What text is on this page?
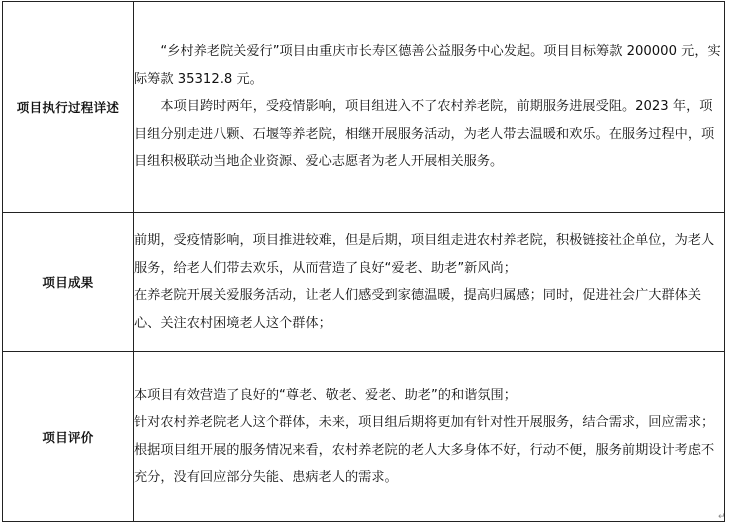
项目执行过程详述	“乡村养老院关爱行”项目由重庆市长寿区德善公益服务中心发起。项目目标筹款 200000 元，实际筹款 35312.8 元。

本项目跨时两年，受疫情影响，项目组进入不了农村养老院，前期服务进展受阻。2023 年，项目组分别走进八颗、石堰等养老院，相继开展服务活动，为老人带去温暖和欢乐。在服务过程中，项目组积极联动当地企业资源、爱心志愿者为老人开展相关服务。

项目成果	前期，受疫情影响，项目推进较难，但是后期，项目组走进农村养老院，积极链接社企单位，为老人服务，给老人们带去欢乐，从而营造了良好“爱老、助老”新风尚；

在养老院开展关爱服务活动，让老人们感受到家德温暖，提高归属感；同时，促进社会广大群体关心、关注农村困境老人这个群体；

项目评价	本项目有效营造了良好的“尊老、敬老、爱老、助老”的和谐氛围；

针对农村养老院老人这个群体，未来，项目组后期将更加有针对性开展服务，结合需求，回应需求；

根据项目组开展的服务情况来看，农村养老院的老人大多身体不好，行动不便，服务前期设计考虑不充分，没有回应部分失能、患病老人的需求。

↵
